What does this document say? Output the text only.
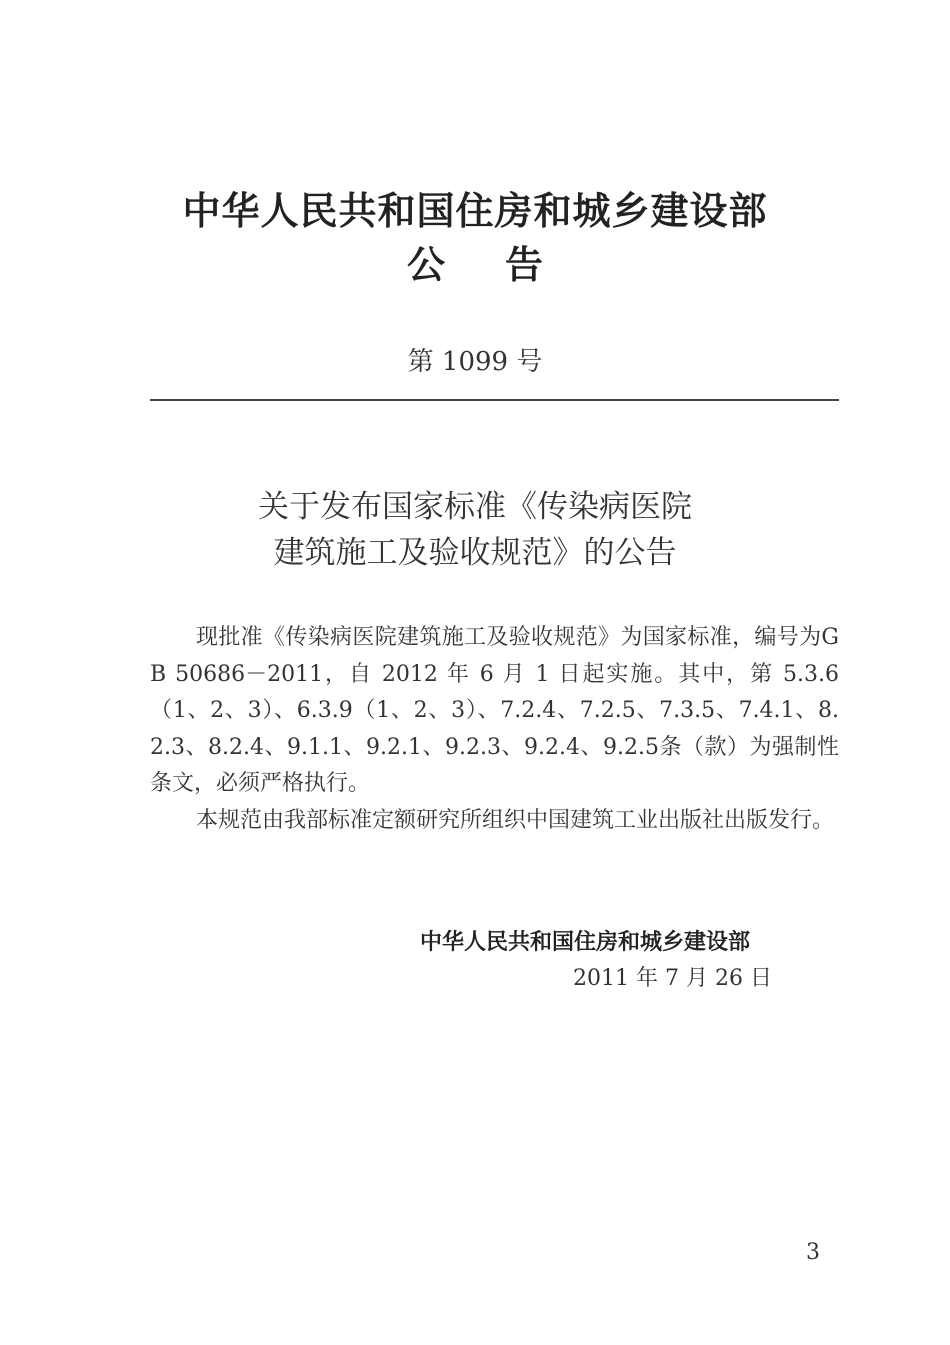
中华人民共和国住房和城乡建设部
公告
第 1099 号
关于发布国家标准《传染病医院
建筑施工及验收规范》的公告

现批准《传染病医院建筑施工及验收规范》为国家标准，编号为GB 50686－2011，自 2012 年 6 月 1 日起实施。其中，第 5.3.6（1、2、3）、6.3.9（1、2、3）、7.2.4、7.2.5、7.3.5、7.4.1、8.2.3、8.2.4、9.1.1、9.2.1、9.2.3、9.2.4、9.2.5条（款）为强制性条文，必须严格执行。

本规范由我部标准定额研究所组织中国建筑工业出版社出版发行。

中华人民共和国住房和城乡建设部
2011 年 7 月 26 日
3
